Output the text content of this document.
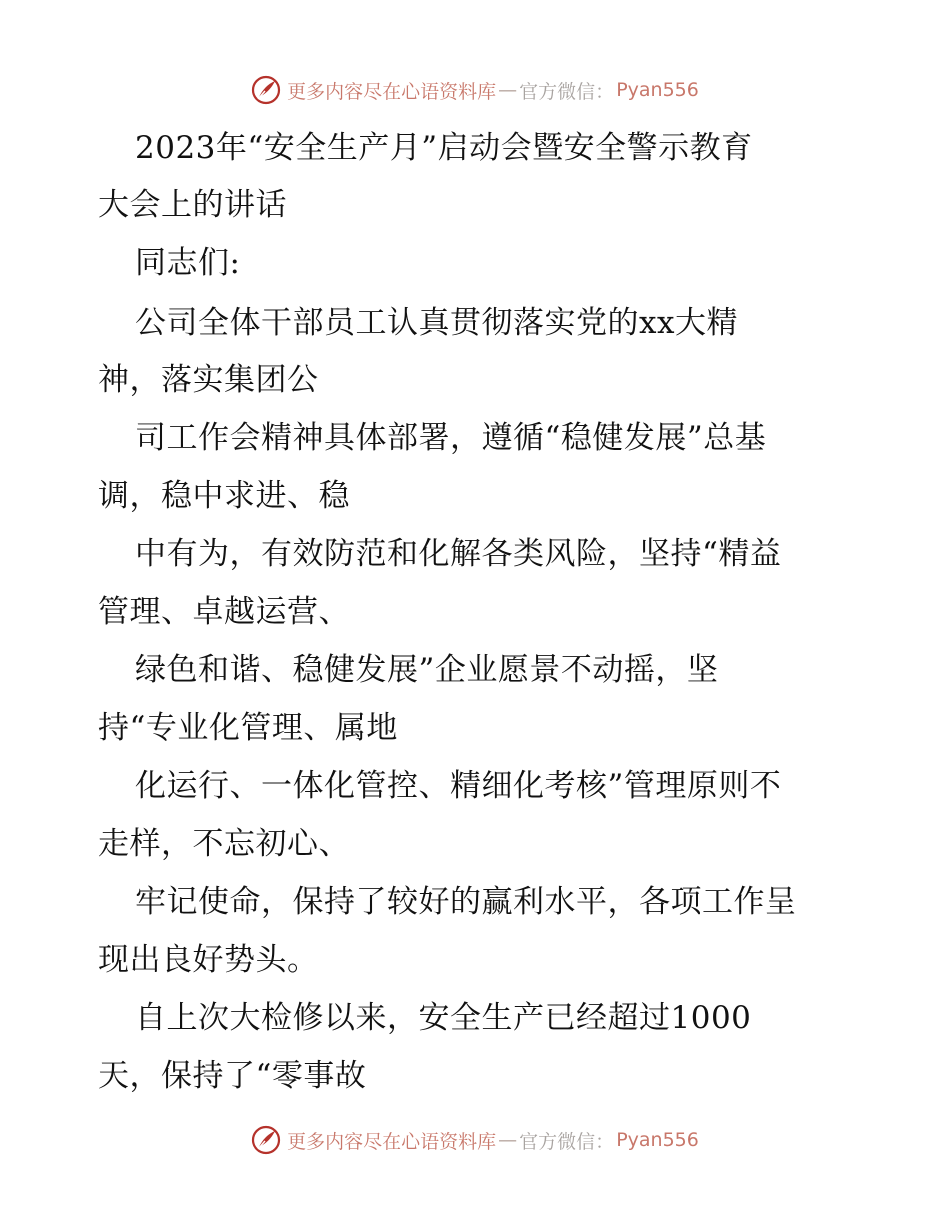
更多内容尽在心语资料库 — 官方微信： Pyan556
2023年“安全生产月”启动会暨安全警示教育
大会上的讲话
同志们:
公司全体干部员工认真贯彻落实党的xx大精
神，落实集团公
司工作会精神具体部署，遵循“稳健发展”总基
调，稳中求进、稳
中有为，有效防范和化解各类风险，坚持“精益
管理、卓越运营、
绿色和谐、稳健发展”企业愿景不动摇，坚
持“专业化管理、属地
化运行、一体化管控、精细化考核”管理原则不
走样，不忘初心、
牢记使命，保持了较好的赢利水平，各项工作呈
现出良好势头。
自上次大检修以来，安全生产已经超过1000
天，保持了“零事故
更多内容尽在心语资料库 — 官方微信： Pyan556
